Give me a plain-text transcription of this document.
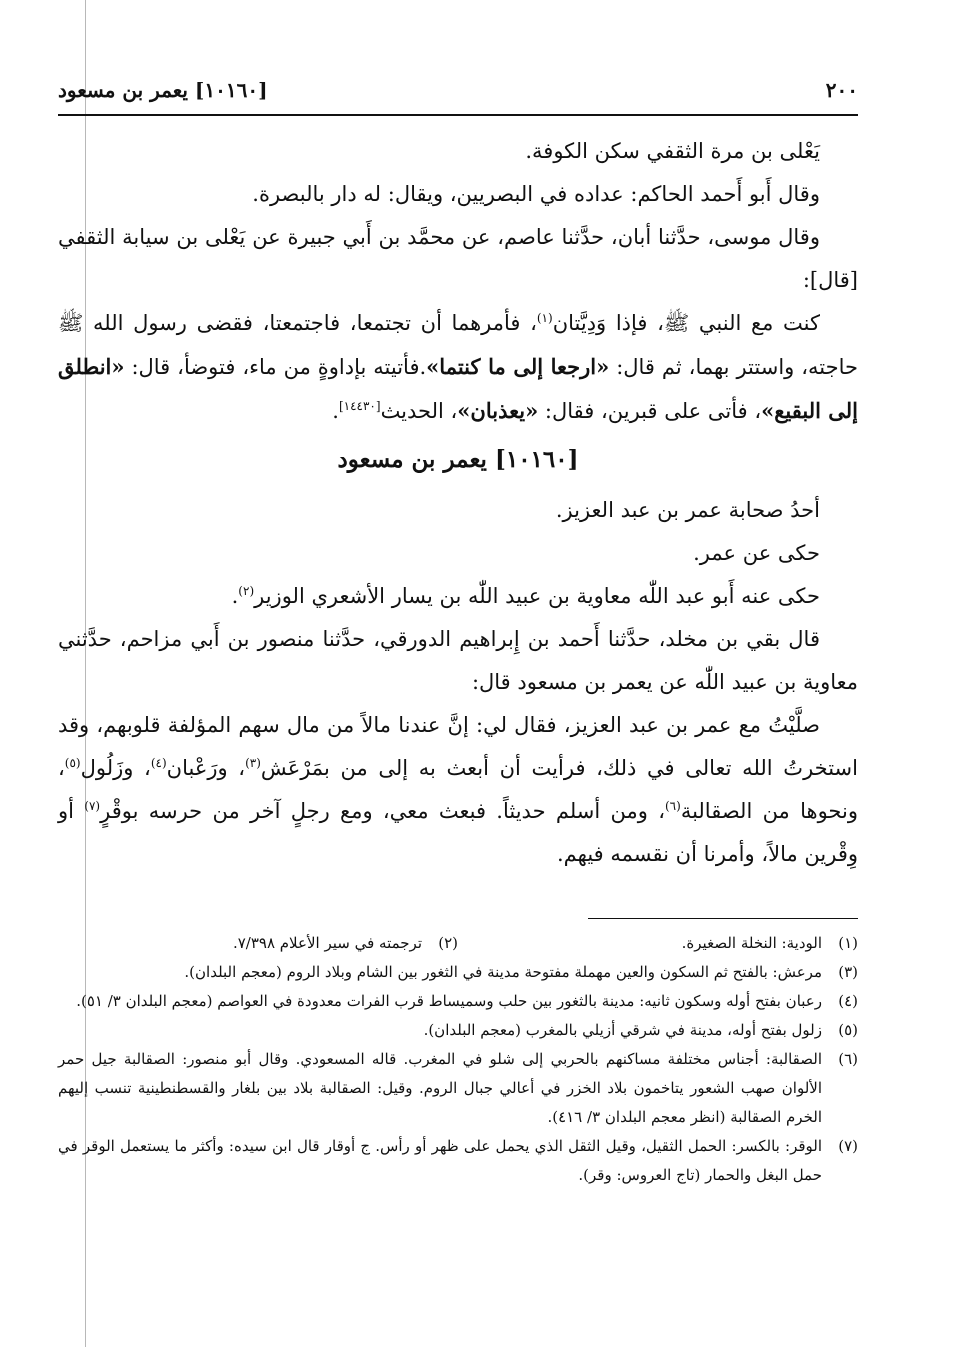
٢٠٠
[١٠١٦٠] يعمر بن مسعود

يَعْلى بن مرة الثقفي سكن الكوفة.

وقال أَبو أَحمد الحاكم: عداده في البصريين، ويقال: له دار بالبصرة.

وقال موسى، حدَّثنا أبان، حدَّثنا عاصم، عن محمَّد بن أَبي جبيرة عن يَعْلى بن سيابة الثقفي [قال]:

كنت مع النبي ﷺ، فإذا وَدِيَّتان$^{(١)}$، فأمرهما أن تجتمعا، فاجتمعتا، فقضى رسول الله ﷺ حاجته، واستتر بهما، ثم قال: «ارجعا إلى ما كنتما».فأتيته بإداوةٍ من ماء، فتوضأ، قال: «انطلق إلى البقيع»، فأتى على قبرين، فقال: «يعذبان»، الحديث[١٤٤٣٠].

[١٠١٦٠] يعمر بن مسعود

أحدُ صحابة عمر بن عبد العزيز.

حكى عن عمر.

حكى عنه أَبو عبد اللّٰه معاوية بن عبيد اللّٰه بن يسار الأشعري الوزير$^{(٢)}$.

قال بقي بن مخلد، حدَّثنا أَحمد بن إِبراهيم الدورقي، حدَّثنا منصور بن أَبي مزاحم، حدَّثني معاوية بن عبيد اللّٰه عن يعمر بن مسعود قال:

صلَّيْتُ مع عمر بن عبد العزيز، فقال لي: إنَّ عندنا مالاً من مال سهم المؤلفة قلوبهم، وقد استخرتُ الله تعالى في ذلك، فرأيت أن أبعث به إلى من بمَرْعَش$^{(٣)}$، ورَعْبان$^{(٤)}$، وزَلُول$^{(٥)}$، ونحوها من الصقالبة$^{(٦)}$، ومن أسلم حديثاً. فبعث معي، ومع رجلٍ آخر من حرسه بوقْرٍ$^{(٧)}$ أو وِقْرين مالاً، وأمرنا أن نقسمه فيهم.

(١)
الودية: النخلة الصغيرة.
(٢)
ترجمته في سير الأعلام ٧/٣٩٨.
(٣)
مرعش: بالفتح ثم السكون والعين مهملة مفتوحة مدينة في الثغور بين الشام وبلاد الروم (معجم البلدان).
(٤)
رعبان بفتح أوله وسكون ثانيه: مدينة بالثغور بين حلب وسميساط قرب الفرات معدودة في العواصم (معجم البلدان ٣/ ٥١).
(٥)
زلول بفتح أوله، مدينة في شرقي أزيلي بالمغرب (معجم البلدان).
(٦)
الصقالبة: أجناس مختلفة مساكنهم بالحربي إلى شلو في المغرب. قاله المسعودي. وقال أبو منصور: الصقالبة جيل حمر الألوان صهب الشعور يتاخمون بلاد الخزر في أعالي جبال الروم. وقيل: الصقالبة بلاد بين بلغار والقسطنطينية تنسب إليهم الخرم الصقالبة (انظر معجم البلدان ٣/ ٤١٦).
(٧)
الوقر: بالكسر: الحمل الثقيل، وقيل الثقل الذي يحمل على ظهر أو رأس. ج أوقار قال ابن سيده: وأكثر ما يستعمل الوقر في حمل البغل والحمار (تاج العروس: وقر).
